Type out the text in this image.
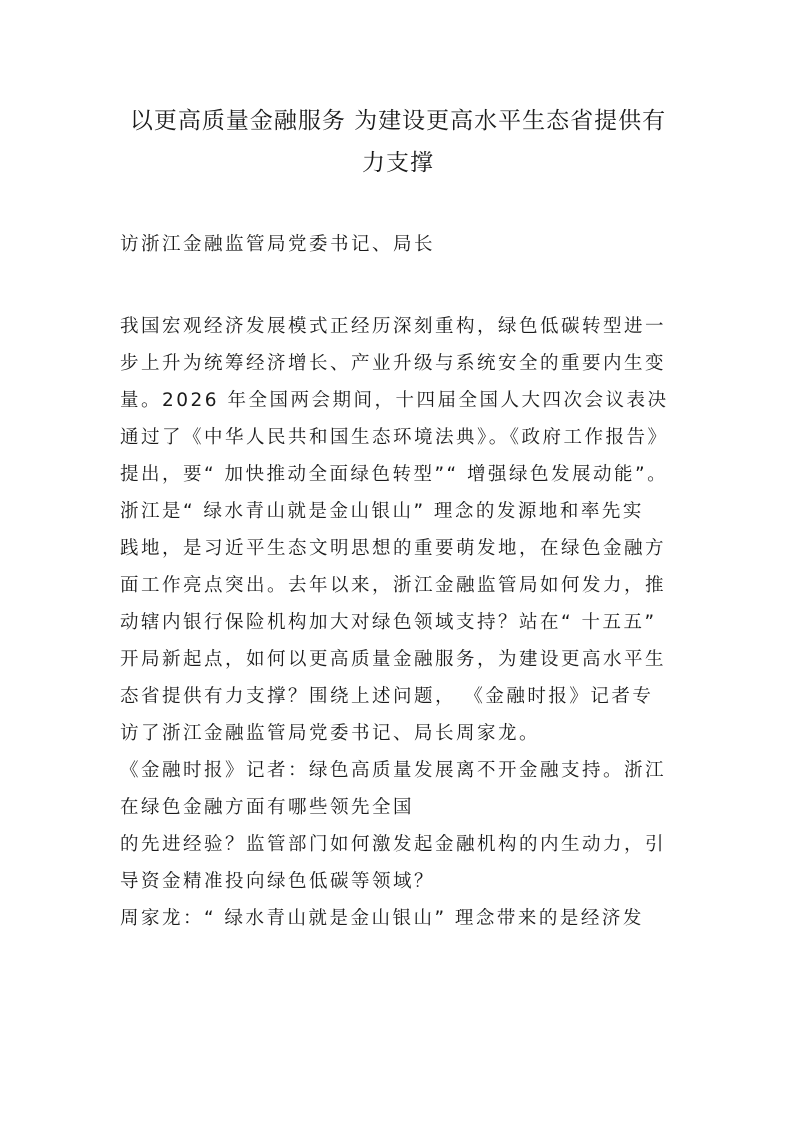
以更高质量金融服务 为建设更高水平生态省提供有
力支撑

访浙江金融监管局党委书记、局长

我国宏观经济发展模式正经历深刻重构，绿色低碳转型进一

步上升为统筹经济增长、产业升级与系统安全的重要内生变

量。2026 年全国两会期间，十四届全国人大四次会议表决

通过了《中华人民共和国生态环境法典》。《政府工作报告》

提出，要“ 加快推动全面绿色转型”“ 增强绿色发展动能”。

浙江是“ 绿水青山就是金山银山” 理念的发源地和率先实

践地，是习近平生态文明思想的重要萌发地，在绿色金融方

面工作亮点突出。去年以来，浙江金融监管局如何发力，推

动辖内银行保险机构加大对绿色领域支持？站在“ 十五五”

开局新起点，如何以更高质量金融服务，为建设更高水平生

态省提供有力支撑？围绕上述问题， 《金融时报》记者专

访了浙江金融监管局党委书记、局长周家龙。

《金融时报》记者：绿色高质量发展离不开金融支持。浙江

在绿色金融方面有哪些领先全国

的先进经验？监管部门如何激发起金融机构的内生动力，引

导资金精准投向绿色低碳等领域？

周家龙：“ 绿水青山就是金山银山” 理念带来的是经济发
